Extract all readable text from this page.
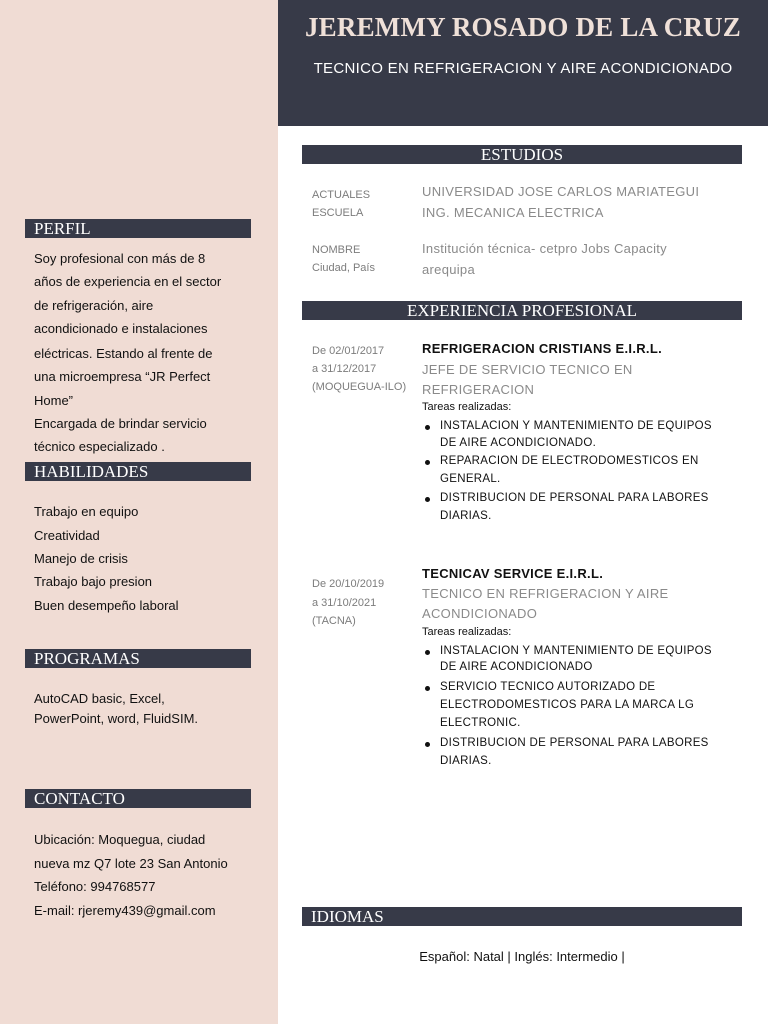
JEREMMY ROSADO DE LA CRUZ
TECNICO EN REFRIGERACION Y AIRE ACONDICIONADO
PERFIL
Soy profesional con más de 8
años de experiencia en el sector
de refrigeración, aire
acondicionado e instalaciones
eléctricas. Estando al frente de
una microempresa “JR Perfect
Home”
Encargada de brindar servicio
técnico especializado .
HABILIDADES
Trabajo en equipo
Creatividad
Manejo de crisis
Trabajo bajo presion
Buen desempeño laboral
PROGRAMAS
AutoCAD basic, Excel,
PowerPoint, word, FluidSIM.
CONTACTO
Ubicación: Moquegua, ciudad
nueva mz Q7 lote 23 San Antonio
Teléfono: 994768577
E-mail: rjeremy439@gmail.com
ESTUDIOS
ACTUALES
ESCUELA
UNIVERSIDAD JOSE CARLOS MARIATEGUI
ING. MECANICA ELECTRICA
NOMBRE
Ciudad, País
Institución técnica- cetpro Jobs Capacity
arequipa
EXPERIENCIA PROFESIONAL
De 02/01/2017
a 31/12/2017
(MOQUEGUA-ILO)
REFRIGERACION CRISTIANS E.I.R.L.
JEFE DE SERVICIO TECNICO EN
REFRIGERACION
Tareas realizadas:
INSTALACION Y MANTENIMIENTO DE EQUIPOS
DE AIRE ACONDICIONADO.
REPARACION DE ELECTRODOMESTICOS EN
GENERAL.
DISTRIBUCION DE PERSONAL PARA LABORES
DIARIAS.
De 20/10/2019
a 31/10/2021
(TACNA)
TECNICAV SERVICE E.I.R.L.
TECNICO EN REFRIGERACION Y AIRE
ACONDICIONADO
Tareas realizadas:
INSTALACION Y MANTENIMIENTO DE EQUIPOS
DE AIRE ACONDICIONADO
SERVICIO TECNICO AUTORIZADO DE
ELECTRODOMESTICOS PARA LA MARCA LG
ELECTRONIC.
DISTRIBUCION DE PERSONAL PARA LABORES
DIARIAS.
IDIOMAS
Español: Natal | Inglés: Intermedio |
